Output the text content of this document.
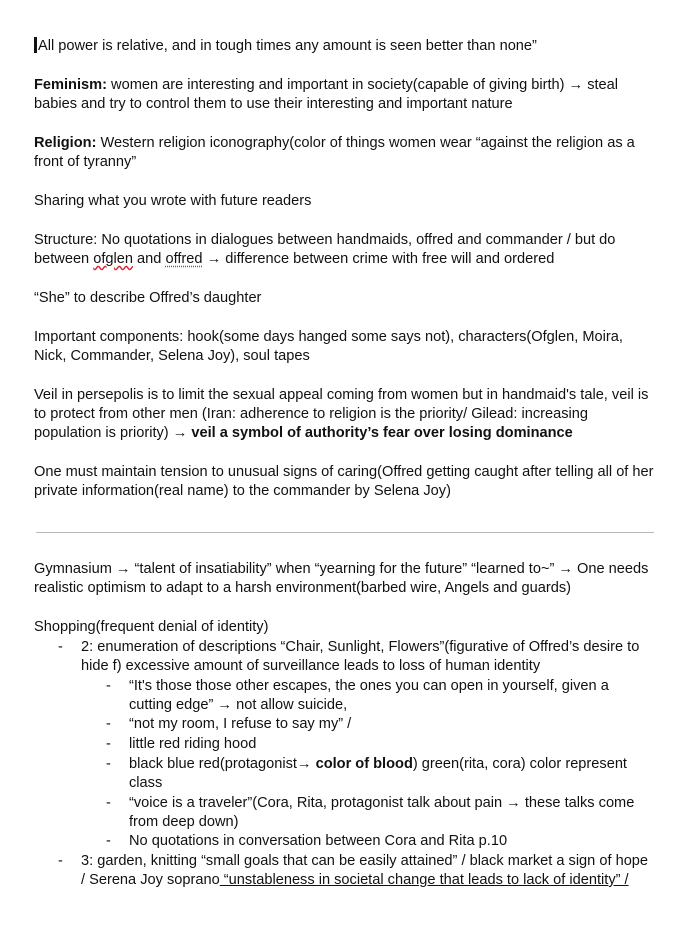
All power is relative, and in tough times any amount is seen better than none”
Feminism: women are interesting and important in society(capable of giving birth) → steal
babies and try to control them to use their interesting and important nature
Religion: Western religion iconography(color of things women wear “against the religion as a
front of tyranny”
Sharing what you wrote with future readers
Structure: No quotations in dialogues between handmaids, offred and commander / but do
between ofglen and offred → difference between crime with free will and ordered
“She” to describe Offred’s daughter
Important components: hook(some days hanged some says not), characters(Ofglen, Moira,
Nick, Commander, Selena Joy), soul tapes
Veil in persepolis is to limit the sexual appeal coming from women but in handmaid's tale, veil is
to protect from other men (Iran: adherence to religion is the priority/ Gilead: increasing
population is priority) → veil a symbol of authority’s fear over losing dominance
One must maintain tension to unusual signs of caring(Offred getting caught after telling all of her
private information(real name) to the commander by Selena Joy)
Gymnasium → “talent of insatiability” when “yearning for the future” “learned to~” → One needs
realistic optimism to adapt to a harsh environment(barbed wire, Angels and guards)
Shopping(frequent denial of identity)
- 2: enumeration of descriptions “Chair, Sunlight, Flowers”(figurative of Offred’s desire to
hide f) excessive amount of surveillance leads to loss of human identity
- “It's those those other escapes, the ones you can open in yourself, given a
cutting edge” → not allow suicide,
- “not my room, I refuse to say my” /
- little red riding hood
- black blue red(protagonist→ color of blood) green(rita, cora) color represent
class
- “voice is a traveler”(Cora, Rita, protagonist talk about pain → these talks come
from deep down)
- No quotations in conversation between Cora and Rita p.10
- 3: garden, knitting “small goals that can be easily attained” / black market a sign of hope
/ Serena Joy soprano “unstableness in societal change that leads to lack of identity” /
